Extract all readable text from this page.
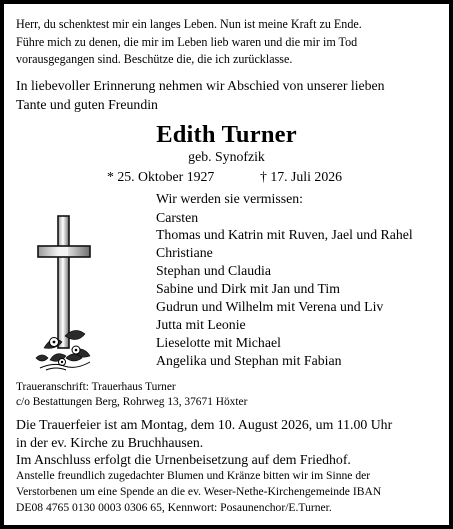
Herr, du schenktest mir ein langes Leben. Nun ist meine Kraft zu Ende.
Führe mich zu denen, die mir im Leben lieb waren und die mir im Tod
vorausgegangen sind. Beschütze die, die ich zurücklasse.
In liebevoller Erinnerung nehmen wir Abschied von unserer lieben
Tante und guten Freundin
Edith Turner
geb. Synofzik
* 25. Oktober 1927	† 17. Juli 2026
Wir werden sie vermissen:
Carsten
Thomas und Katrin mit Ruven, Jael und Rahel
Christiane
Stephan und Claudia
Sabine und Dirk mit Jan und Tim
Gudrun und Wilhelm mit Verena und Liv
Jutta mit Leonie
Lieselotte mit Michael
Angelika und Stephan mit Fabian
Traueranschrift: Trauerhaus Turner
c/o Bestattungen Berg, Rohrweg 13, 37671 Höxter
Die Trauerfeier ist am Montag, dem 10. August 2026, um 11.00 Uhr
in der ev. Kirche zu Bruchhausen.
Im Anschluss erfolgt die Urnenbeisetzung auf dem Friedhof.
Anstelle freundlich zugedachter Blumen und Kränze bitten wir im Sinne der
Verstorbenen um eine Spende an die ev. Weser-Nethe-Kirchengemeinde IBAN
DE08 4765 0130 0003 0306 65, Kennwort: Posaunenchor/E.Turner.
